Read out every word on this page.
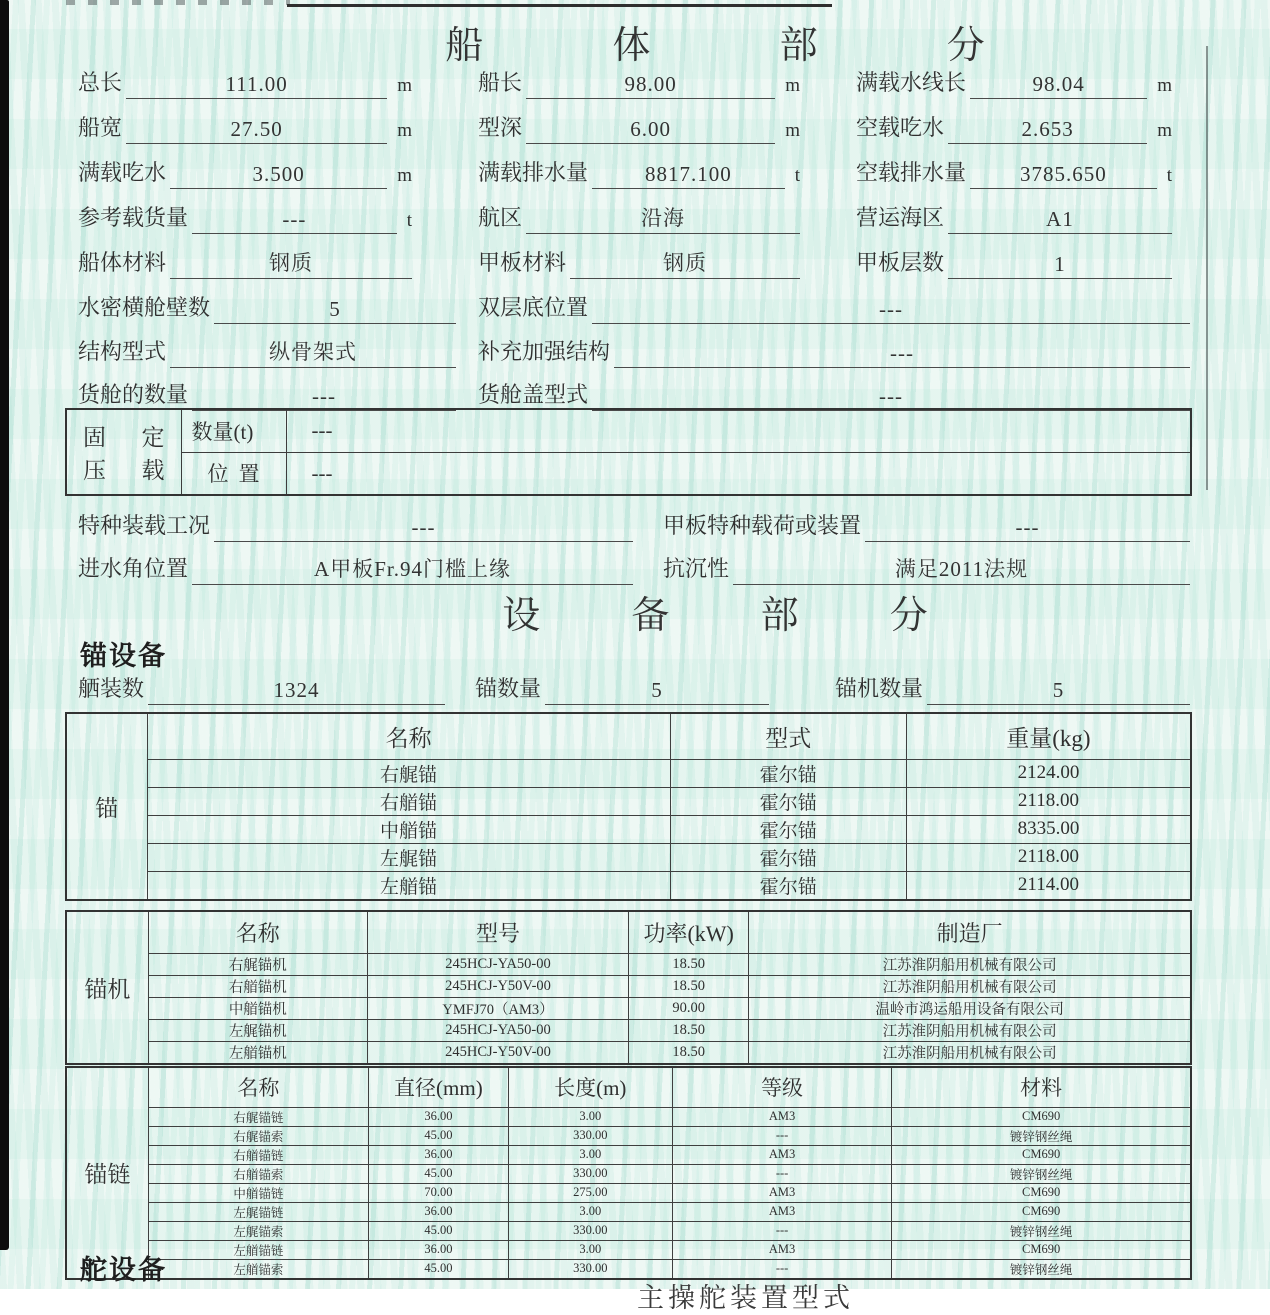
船体部分
总长	111.00	m	船长	98.00	m	满载水线长	98.04	m
船宽	27.50	m	型深	6.00	m	空载吃水	2.653	m
满载吃水	3.500	m	满载排水量	8817.100	t	空载排水量	3785.650	t
参考载货量	---	t	航区	沿海	营运海区	A1
船体材料	钢质	甲板材料	钢质	甲板层数	1
水密横舱壁数	5	双层底位置	---
结构型式	纵骨架式	补充加强结构	---
货舱的数量	---	货舱盖型式	---
固定
压载	数量(t)	---

	位置	---
特种装载工况	---	甲板特种载荷或装置	---
进水角位置	A甲板Fr.94门槛上缘	抗沉性	满足2011法规
设备部分
锚设备
舾装数	1324	锚数量	5	锚机数量	5
锚	名称	型式	重量(kg)
	右艉锚	霍尔锚	2124.00
	右艏锚	霍尔锚	2118.00
	中艏锚	霍尔锚	8335.00
	左艉锚	霍尔锚	2118.00
	左艏锚	霍尔锚	2114.00
锚机	名称	型号	功率(kW)	制造厂
	右艉锚机	245HCJ-YA50-00	18.50	江苏淮阴船用机械有限公司
	右艏锚机	245HCJ-Y50V-00	18.50	江苏淮阴船用机械有限公司
	中艏锚机	YMFJ70（AM3）	90.00	温岭市鸿运船用设备有限公司
	左艉锚机	245HCJ-YA50-00	18.50	江苏淮阴船用机械有限公司
	左艏锚机	245HCJ-Y50V-00	18.50	江苏淮阴船用机械有限公司
锚链	名称	直径(mm)	长度(m)	等级	材料
	右艉锚链	36.00	3.00	AM3	CM690
	右艉锚索	45.00	330.00	---	镀锌钢丝绳
	右艏锚链	36.00	3.00	AM3	CM690
	右艏锚索	45.00	330.00	---	镀锌钢丝绳
	中艏锚链	70.00	275.00	AM3	CM690
	左艉锚链	36.00	3.00	AM3	CM690
	左艉锚索	45.00	330.00	---	镀锌钢丝绳
	左艏锚链	36.00	3.00	AM3	CM690
	左艏锚索	45.00	330.00	---	镀锌钢丝绳
舵设备
主操舵装置型式
